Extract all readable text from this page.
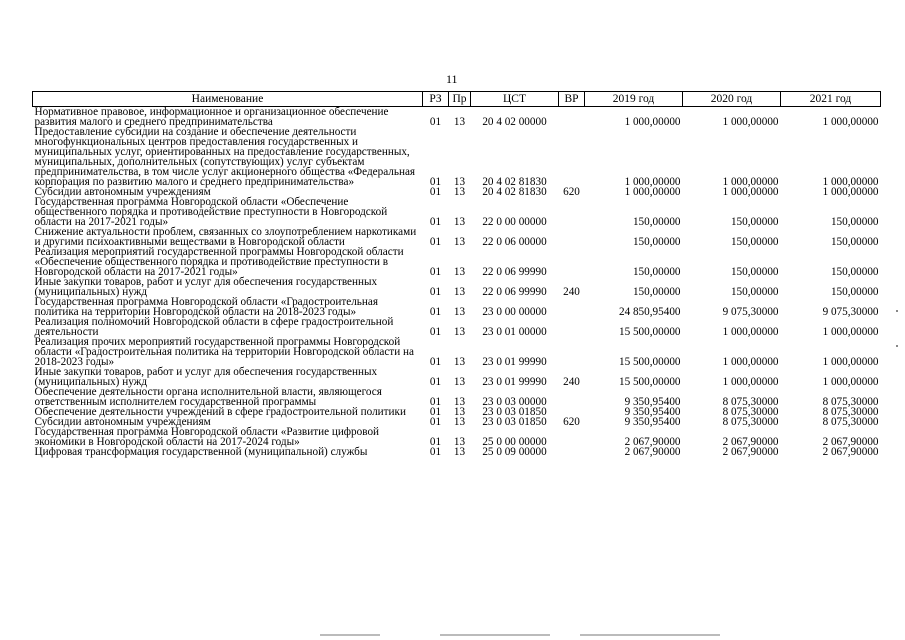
11
Наименование	РЗ	Пр	ЦСТ	ВР	2019 год	2020 год	2021 год
Нормативное правовое, информационное и организационное обеспечение развития малого и среднего предпринимательства	01	13	20 4 02 00000		1 000,00000	1 000,00000	1 000,00000
Предоставление субсидии на создание и обеспечение деятельности многофункциональных центров предоставления государственных и муниципальных услуг, ориентированных на предоставление государственных, муниципальных, дополнительных (сопутствующих) услуг субъектам предпринимательства, в том числе услуг акционерного общества «Федеральная корпорация по развитию малого и среднего предпринимательства»	01	13	20 4 02 81830		1 000,00000	1 000,00000	1 000,00000
Субсидии автономным учреждениям	01	13	20 4 02 81830	620	1 000,00000	1 000,00000	1 000,00000
Государственная программа Новгородской области «Обеспечение общественного порядка и противодействие преступности в Новгородской области на 2017-2021 годы»	01	13	22 0 00 00000		150,00000	150,00000	150,00000
Снижение актуальности проблем, связанных со злоупотреблением наркотиками и другими психоактивными веществами в Новгородской области	01	13	22 0 06 00000		150,00000	150,00000	150,00000
Реализация мероприятий государственной программы Новгородской области «Обеспечение общественного порядка и противодействие преступности в Новгородской области на 2017-2021 годы»	01	13	22 0 06 99990		150,00000	150,00000	150,00000
Иные закупки товаров, работ и услуг для обеспечения государственных (муниципальных) нужд	01	13	22 0 06 99990	240	150,00000	150,00000	150,00000
Государственная программа Новгородской области «Градостроительная политика на территории Новгородской области на 2018-2023 годы»	01	13	23 0 00 00000		24 850,95400	9 075,30000	9 075,30000
Реализация полномочий Новгородской области в сфере градостроительной деятельности	01	13	23 0 01 00000		15 500,00000	1 000,00000	1 000,00000
Реализация прочих мероприятий государственной программы Новгородской области «Градостроительная политика на территории Новгородской области на 2018-2023 годы»	01	13	23 0 01 99990		15 500,00000	1 000,00000	1 000,00000
Иные закупки товаров, работ и услуг для обеспечения государственных (муниципальных) нужд	01	13	23 0 01 99990	240	15 500,00000	1 000,00000	1 000,00000
Обеспечение деятельности органа исполнительной власти, являющегося ответственным исполнителем государственной программы	01	13	23 0 03 00000		9 350,95400	8 075,30000	8 075,30000
Обеспечение деятельности учреждений в сфере градостроительной политики	01	13	23 0 03 01850		9 350,95400	8 075,30000	8 075,30000
Субсидии автономным учреждениям	01	13	23 0 03 01850	620	9 350,95400	8 075,30000	8 075,30000
Государственная программа Новгородской области «Развитие цифровой экономики в Новгородской области на 2017-2024 годы»	01	13	25 0 00 00000		2 067,90000	2 067,90000	2 067,90000
Цифровая трансформация государственной (муниципальной) службы	01	13	25 0 09 00000		2 067,90000	2 067,90000	2 067,90000
